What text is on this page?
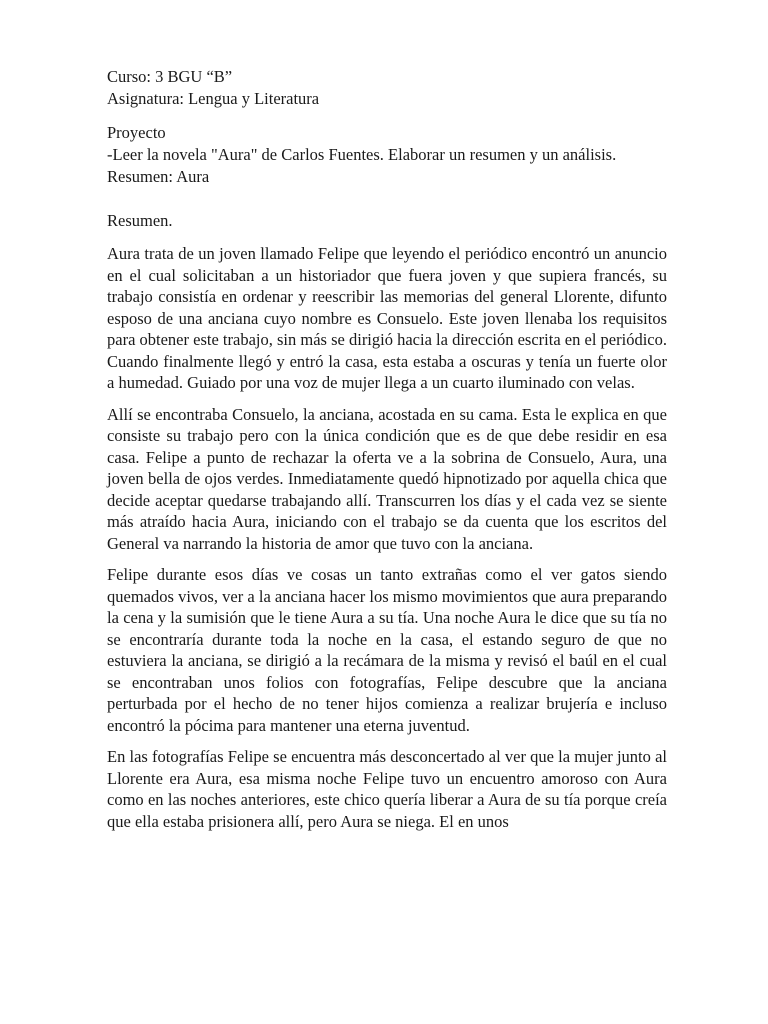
Curso: 3 BGU “B”
Asignatura: Lengua y Literatura
Proyecto
-Leer la novela "Aura" de Carlos Fuentes. Elaborar un resumen y un análisis.
Resumen: Aura
Resumen.

Aura trata de un joven llamado Felipe que leyendo el periódico encontró un anuncio en el cual solicitaban a un historiador que fuera joven y que supiera francés, su trabajo consistía en ordenar y reescribir las memorias del general Llorente, difunto esposo de una anciana cuyo nombre es Consuelo. Este joven llenaba los requisitos para obtener este trabajo, sin más se dirigió hacia la dirección escrita en el periódico. Cuando finalmente llegó y entró la casa, esta estaba a oscuras y tenía un fuerte olor a humedad. Guiado por una voz de mujer llega a un cuarto iluminado con velas.

Allí se encontraba Consuelo, la anciana, acostada en su cama. Esta le explica en que consiste su trabajo pero con la única condición que es de que debe residir en esa casa. Felipe a punto de rechazar la oferta ve a la sobrina de Consuelo, Aura, una joven bella de ojos verdes. Inmediatamente quedó hipnotizado por aquella chica que decide aceptar quedarse trabajando allí. Transcurren los días y el cada vez se siente más atraído hacia Aura, iniciando con el trabajo se da cuenta que los escritos del General va narrando la historia de amor que tuvo con la anciana.

Felipe durante esos días ve cosas un tanto extrañas como el ver gatos siendo quemados vivos, ver a la anciana hacer los mismo movimientos que aura preparando la cena y la sumisión que le tiene Aura a su tía. Una noche Aura le dice que su tía no se encontraría durante toda la noche en la casa, el estando seguro de que no estuviera la anciana, se dirigió a la recámara de la misma y revisó el baúl en el cual se encontraban unos folios con fotografías, Felipe descubre que la anciana perturbada por el hecho de no tener hijos comienza a realizar brujería e incluso encontró la pócima para mantener una eterna juventud.

En las fotografías Felipe se encuentra más desconcertado al ver que la mujer junto al Llorente era Aura, esa misma noche Felipe tuvo un encuentro amoroso con Aura como en las noches anteriores, este chico quería liberar a Aura de su tía porque creía que ella estaba prisionera allí, pero Aura se niega. El en unos
